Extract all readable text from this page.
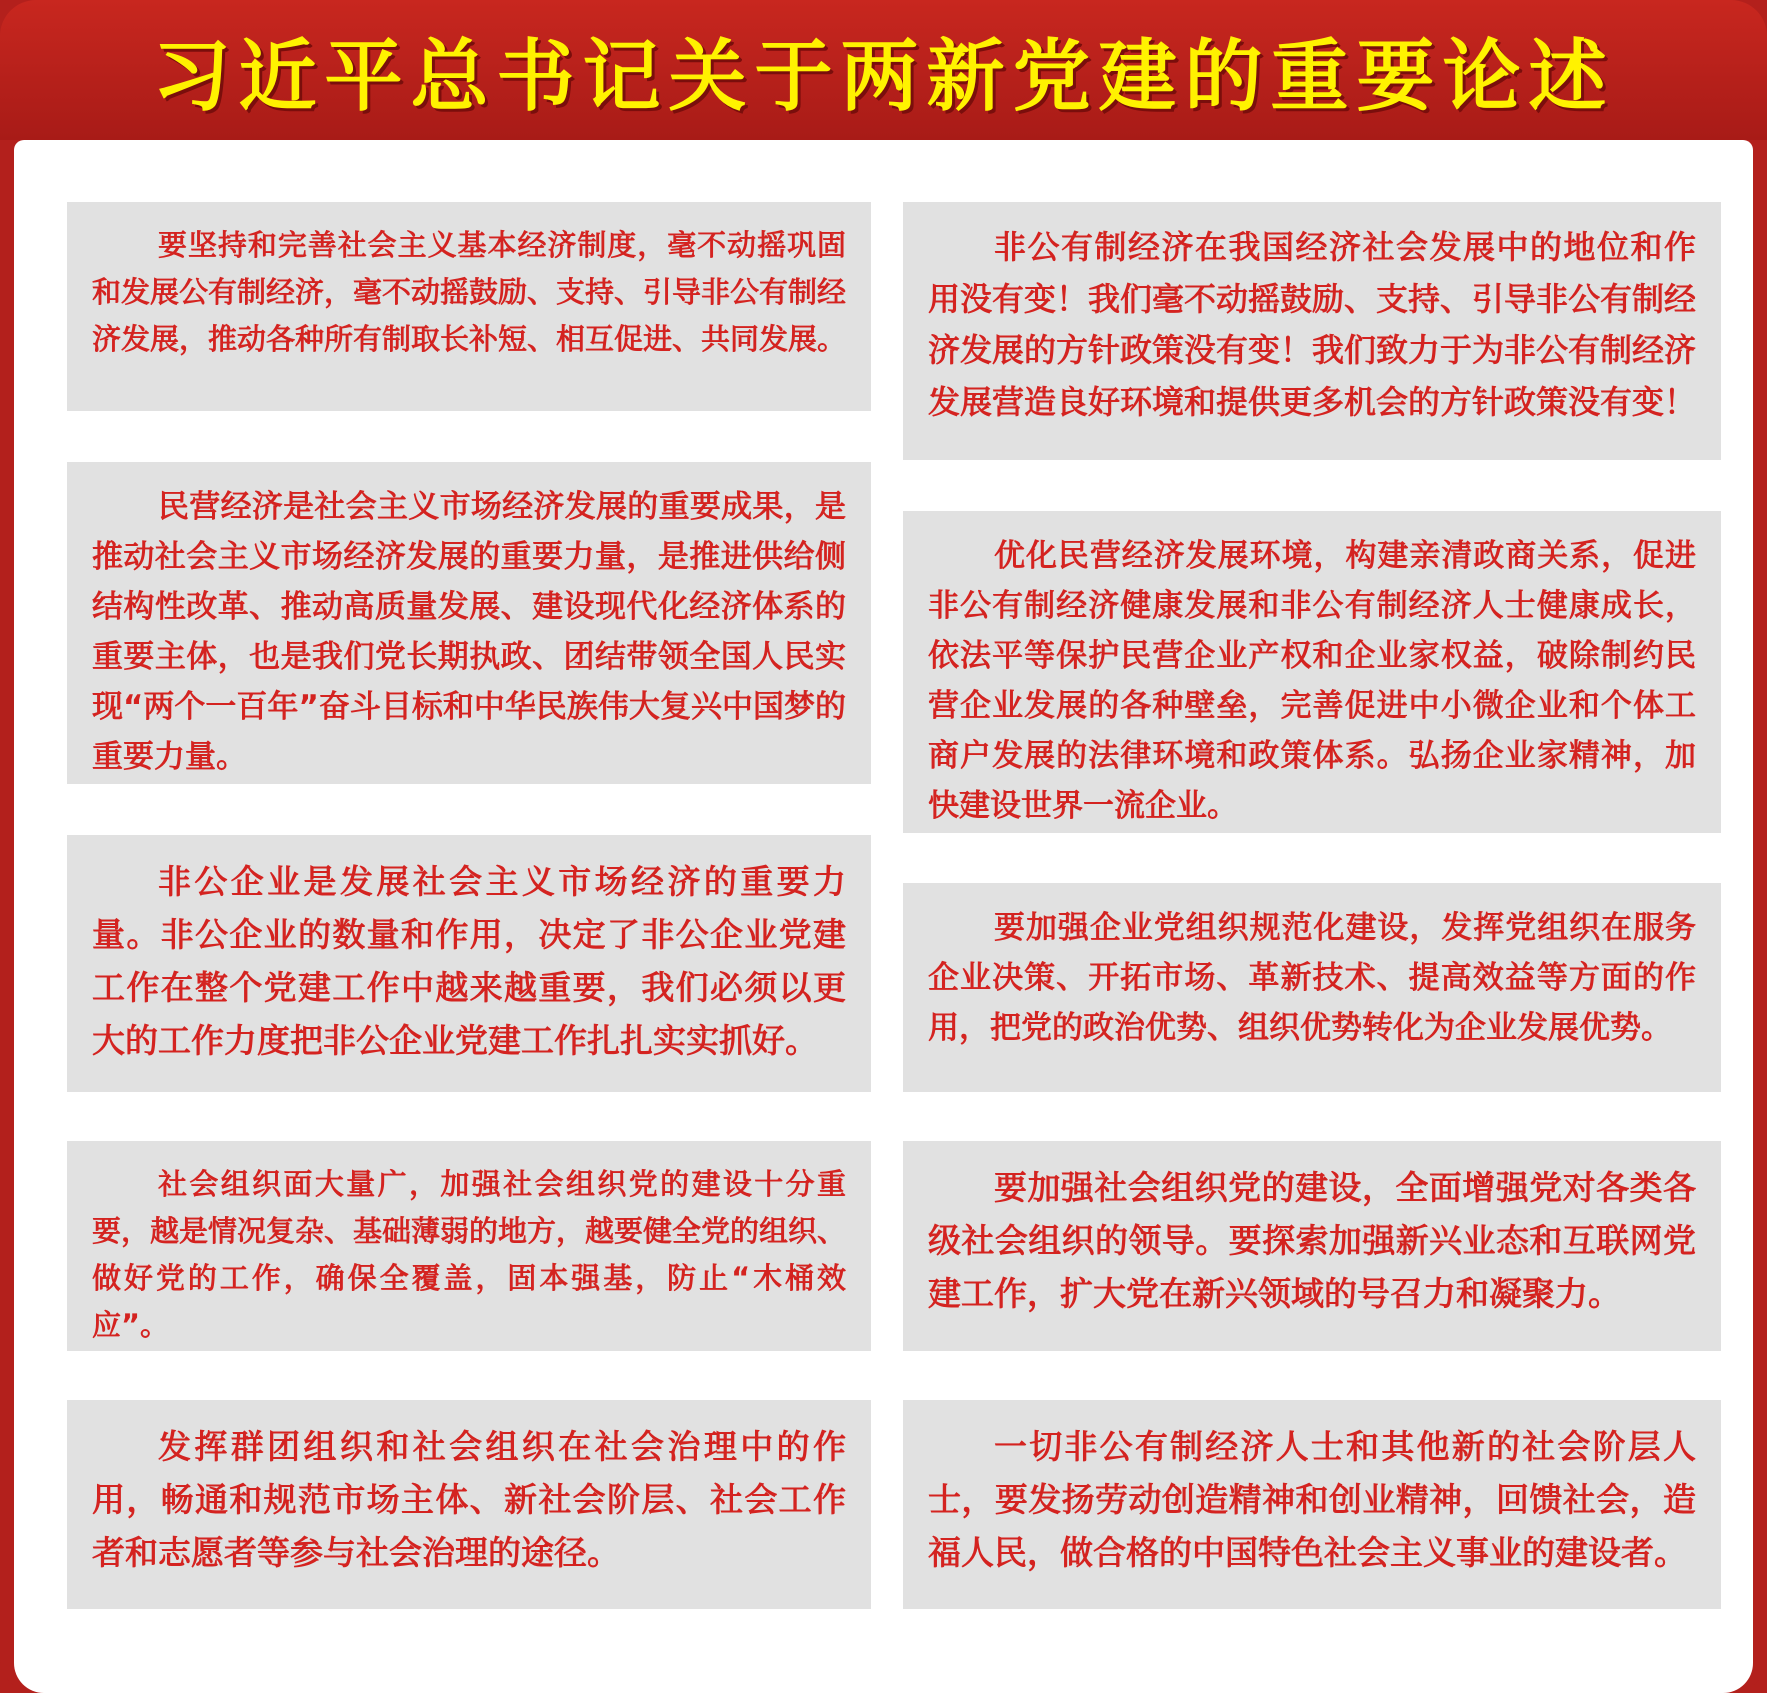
习近平总书记关于两新党建的重要论述
要坚持和完善社会主义基本经济制度，毫不动摇巩固和发展公有制经济，毫不动摇鼓励、支持、引导非公有制经济发展，推动各种所有制取长补短、相互促进、共同发展。
民营经济是社会主义市场经济发展的重要成果，是推动社会主义市场经济发展的重要力量，是推进供给侧结构性改革、推动高质量发展、建设现代化经济体系的重要主体，也是我们党长期执政、团结带领全国人民实现“两个一百年”奋斗目标和中华民族伟大复兴中国梦的重要力量。
非公企业是发展社会主义市场经济的重要力量。非公企业的数量和作用，决定了非公企业党建工作在整个党建工作中越来越重要，我们必须以更大的工作力度把非公企业党建工作扎扎实实抓好。
社会组织面大量广，加强社会组织党的建设十分重要，越是情况复杂、基础薄弱的地方，越要健全党的组织、做好党的工作，确保全覆盖，固本强基，防止“木桶效应”。
发挥群团组织和社会组织在社会治理中的作用，畅通和规范市场主体、新社会阶层、社会工作者和志愿者等参与社会治理的途径。
非公有制经济在我国经济社会发展中的地位和作用没有变！我们毫不动摇鼓励、支持、引导非公有制经济发展的方针政策没有变！我们致力于为非公有制经济发展营造良好环境和提供更多机会的方针政策没有变！
优化民营经济发展环境，构建亲清政商关系，促进非公有制经济健康发展和非公有制经济人士健康成长，依法平等保护民营企业产权和企业家权益，破除制约民营企业发展的各种壁垒，完善促进中小微企业和个体工商户发展的法律环境和政策体系。弘扬企业家精神，加快建设世界一流企业。
要加强企业党组织规范化建设，发挥党组织在服务企业决策、开拓市场、革新技术、提高效益等方面的作用，把党的政治优势、组织优势转化为企业发展优势。
要加强社会组织党的建设，全面增强党对各类各级社会组织的领导。要探索加强新兴业态和互联网党建工作，扩大党在新兴领域的号召力和凝聚力。
一切非公有制经济人士和其他新的社会阶层人士，要发扬劳动创造精神和创业精神，回馈社会，造福人民，做合格的中国特色社会主义事业的建设者。
